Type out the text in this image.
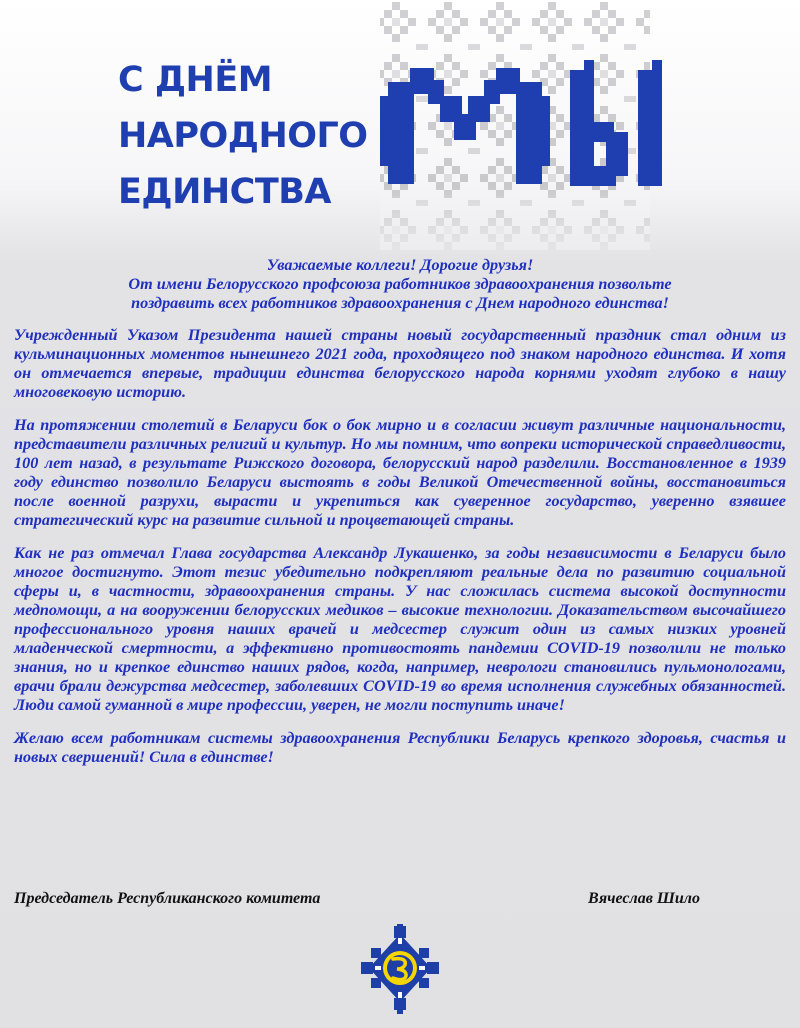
С ДНЁМ
НАРОДНОГО
ЕДИНСТВА

Уважаемые коллеги! Дорогие друзья!
От имени Белорусского профсоюза работников здравоохранения позвольте
поздравить всех работников здравоохранения с Днем народного единства!

Учрежденный Указом Президента нашей страны новый государственный праздник стал одним из кульминационных моментов нынешнего 2021 года, проходящего под знаком народного единства. И хотя он отмечается впервые, традиции единства белорусского народа корнями уходят глубоко в нашу многовековую историю.

На протяжении столетий в Беларуси бок о бок мирно и в согласии живут различные национальности, представители различных религий и культур. Но мы помним, что вопреки исторической справедливости, 100 лет назад, в результате Рижского договора, белорусский народ разделили. Восстановленное в 1939 году единство позволило Беларуси выстоять в годы Великой Отечественной войны, восстановиться после военной разрухи, вырасти и укрепиться как суверенное государство, уверенно взявшее стратегический курс на развитие сильной и процветающей страны.

Как не раз отмечал Глава государства Александр Лукашенко, за годы независимости в Беларуси было многое достигнуто. Этот тезис убедительно подкрепляют реальные дела по развитию социальной сферы и, в частности, здравоохранения страны. У нас сложилась система высокой доступности медпомощи, а на вооружении белорусских медиков – высокие технологии. Доказательством высочайшего профессионального уровня наших врачей и медсестер служит один из самых низких уровней младенческой смертности, а эффективно противостоять пандемии COVID-19 позволили не только знания, но и крепкое единство наших рядов, когда, например, неврологи становились пульмонологами, врачи брали дежурства медсестер, заболевших COVID-19 во время исполнения служебных обязанностей. Люди самой гуманной в мире профессии, уверен, не могли поступить иначе!

Желаю всем работникам системы здравоохранения Республики Беларусь крепкого здоровья, счастья и новых свершений! Сила в единстве!

Председатель Республиканского комитета	Вячеслав Шило
